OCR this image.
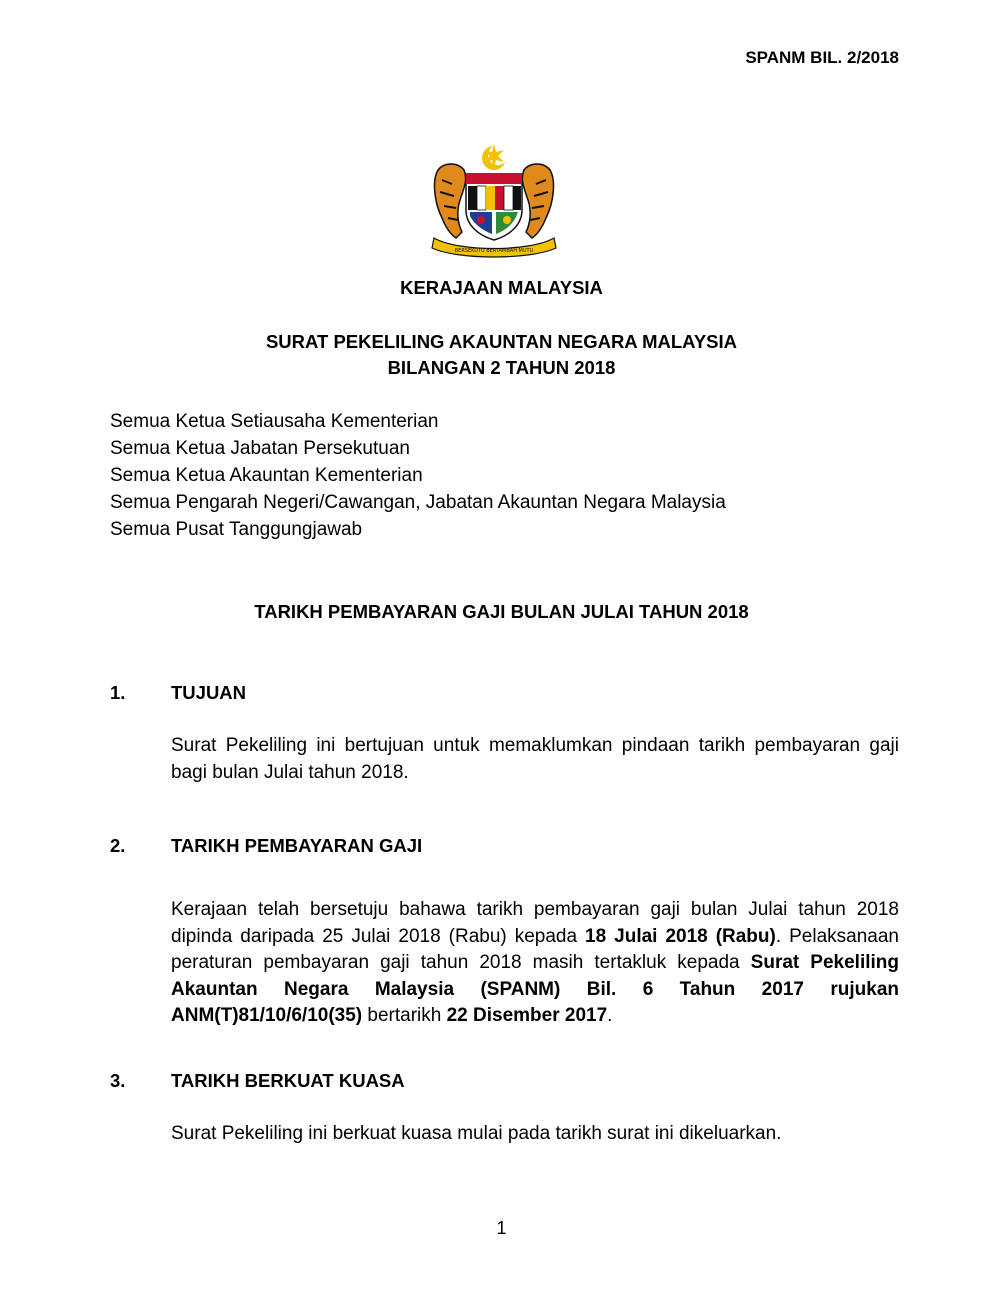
SPANM BIL. 2/2018
BERSEKUTU BERTAMBAH MUTU
KERAJAAN MALAYSIA
SURAT PEKELILING AKAUNTAN NEGARA MALAYSIA
BILANGAN 2 TAHUN 2018
Semua Ketua Setiausaha Kementerian
Semua Ketua Jabatan Persekutuan
Semua Ketua Akauntan Kementerian
Semua Pengarah Negeri/Cawangan, Jabatan Akauntan Negara Malaysia
Semua Pusat Tanggungjawab
TARIKH PEMBAYARAN GAJI BULAN JULAI TAHUN 2018
1. TUJUAN
Surat Pekeliling ini bertujuan untuk memaklumkan pindaan tarikh pembayaran gaji
bagi bulan Julai tahun 2018.
2. TARIKH PEMBAYARAN GAJI
Kerajaan telah bersetuju bahawa tarikh pembayaran gaji bulan Julai tahun 2018
dipinda daripada 25 Julai 2018 (Rabu) kepada 18 Julai 2018 (Rabu). Pelaksanaan
peraturan pembayaran gaji tahun 2018 masih tertakluk kepada Surat Pekeliling
Akauntan Negara Malaysia (SPANM) Bil. 6 Tahun 2017 rujukan
ANM(T)81/10/6/10(35) bertarikh 22 Disember 2017.
3. TARIKH BERKUAT KUASA
Surat Pekeliling ini berkuat kuasa mulai pada tarikh surat ini dikeluarkan.
1
